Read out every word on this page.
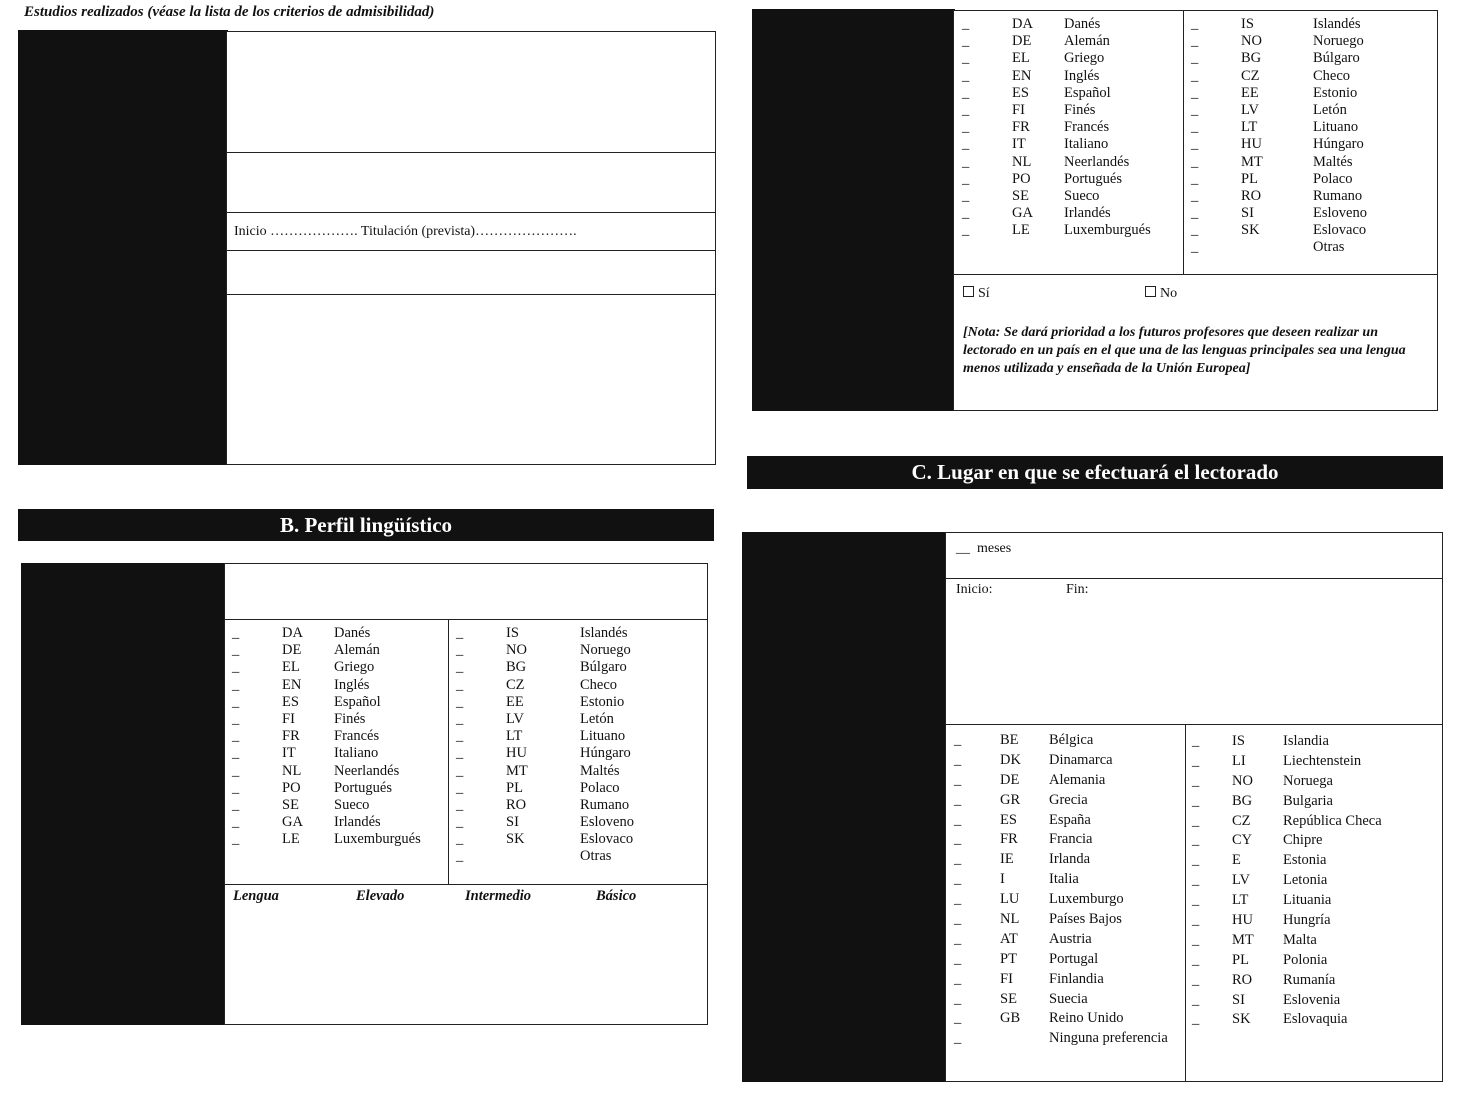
Estudios realizados (véase la lista de los criterios de admisibilidad)
Inicio ………………. Titulación (prevista)………………….
B. Perfil lingüístico
_	DA Danés
_	DE Alemán
_	EL Griego
_	EN Inglés
_	ES Español
_	FI	Finés
_	FR Francés
_	IT	Italiano
_	NL Neerlandés
_	PO Portugués
_	SE Sueco
_	GA Irlandés
_	LE Luxemburgués
_	IS	Islandés
_	NO	Noruego
_	BG	Búlgaro
_	CZ	Checo
_	EE	Estonio
_	LV	Letón
_	LT	Lituano
_	HU	Húngaro
_	MT	Maltés
_	PL	Polaco
_	RO	Rumano
_	SI	Esloveno
_	SK	Eslovaco
_	Otras
Lengua	Elevado	Intermedio	Básico
_	DA Danés
_	DE Alemán
_	EL Griego
_	EN Inglés
_	ES Español
_	FI	Finés
_	FR Francés
_	IT	Italiano
_	NL Neerlandés
_	PO Portugués
_	SE Sueco
_	GA Irlandés
_	LE Luxemburgués
_	IS	Islandés
_	NO	Noruego
_	BG	Búlgaro
_	CZ	Checo
_	EE	Estonio
_	LV	Letón
_	LT	Lituano
_	HU	Húngaro
_	MT	Maltés
_	PL	Polaco
_	RO	Rumano
_	SI	Esloveno
_	SK	Eslovaco
_	Otras
Sí	No
[Nota: Se dará prioridad a los futuros profesores que deseen realizar un lectorado en un país en el que una de las lenguas principales sea una lengua menos utilizada y enseñada de la Unión Europea]
C. Lugar en que se efectuará el lectorado
__  meses
Inicio:	Fin:
_	BE Bélgica
_	DK Dinamarca
_	DE Alemania
_	GR Grecia
_	ES España
_	FR Francia
_	IE Irlanda
_	I	Italia
_	LU Luxemburgo
_	NL Países Bajos
_	AT Austria
_	PT Portugal
_	FI Finlandia
_	SE Suecia
_	GB Reino Unido
_	Ninguna preferencia
_ IS	Islandia
_ LI	Liechtenstein
_ NO Noruega
_ BG Bulgaria
_ CZ República Checa
_ CY Chipre
_ E	Estonia
_ LV Letonia
_ LT Lituania
_ HU Hungría
_ MT Malta
_ PL Polonia
_ RO Rumanía
_ SI	Eslovenia
_ SK Eslovaquia
